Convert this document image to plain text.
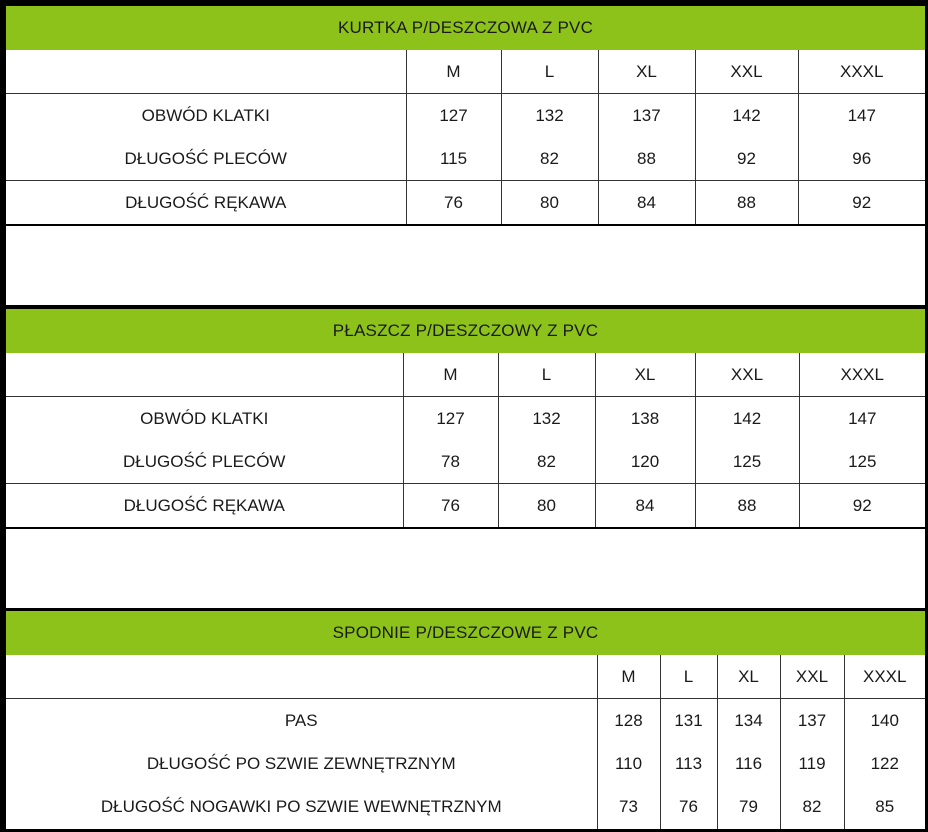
KURTKA P/DESZCZOWA Z PVC
	M	L	XL	XXL	XXXL
OBWÓD KLATKI	127	132	137	142	147
DŁUGOŚĆ PLECÓW	115	82	88	92	96
DŁUGOŚĆ RĘKAWA	76	80	84	88	92
PŁASZCZ P/DESZCZOWY Z PVC
	M	L	XL	XXL	XXXL
OBWÓD KLATKI	127	132	138	142	147
DŁUGOŚĆ PLECÓW	78	82	120	125	125
DŁUGOŚĆ RĘKAWA	76	80	84	88	92
SPODNIE P/DESZCZOWE Z PVC
	M	L	XL	XXL	XXXL
PAS	128	131	134	137	140
DŁUGOŚĆ PO SZWIE ZEWNĘTRZNYM	110	113	116	119	122
DŁUGOŚĆ NOGAWKI PO SZWIE WEWNĘTRZNYM	73	76	79	82	85
